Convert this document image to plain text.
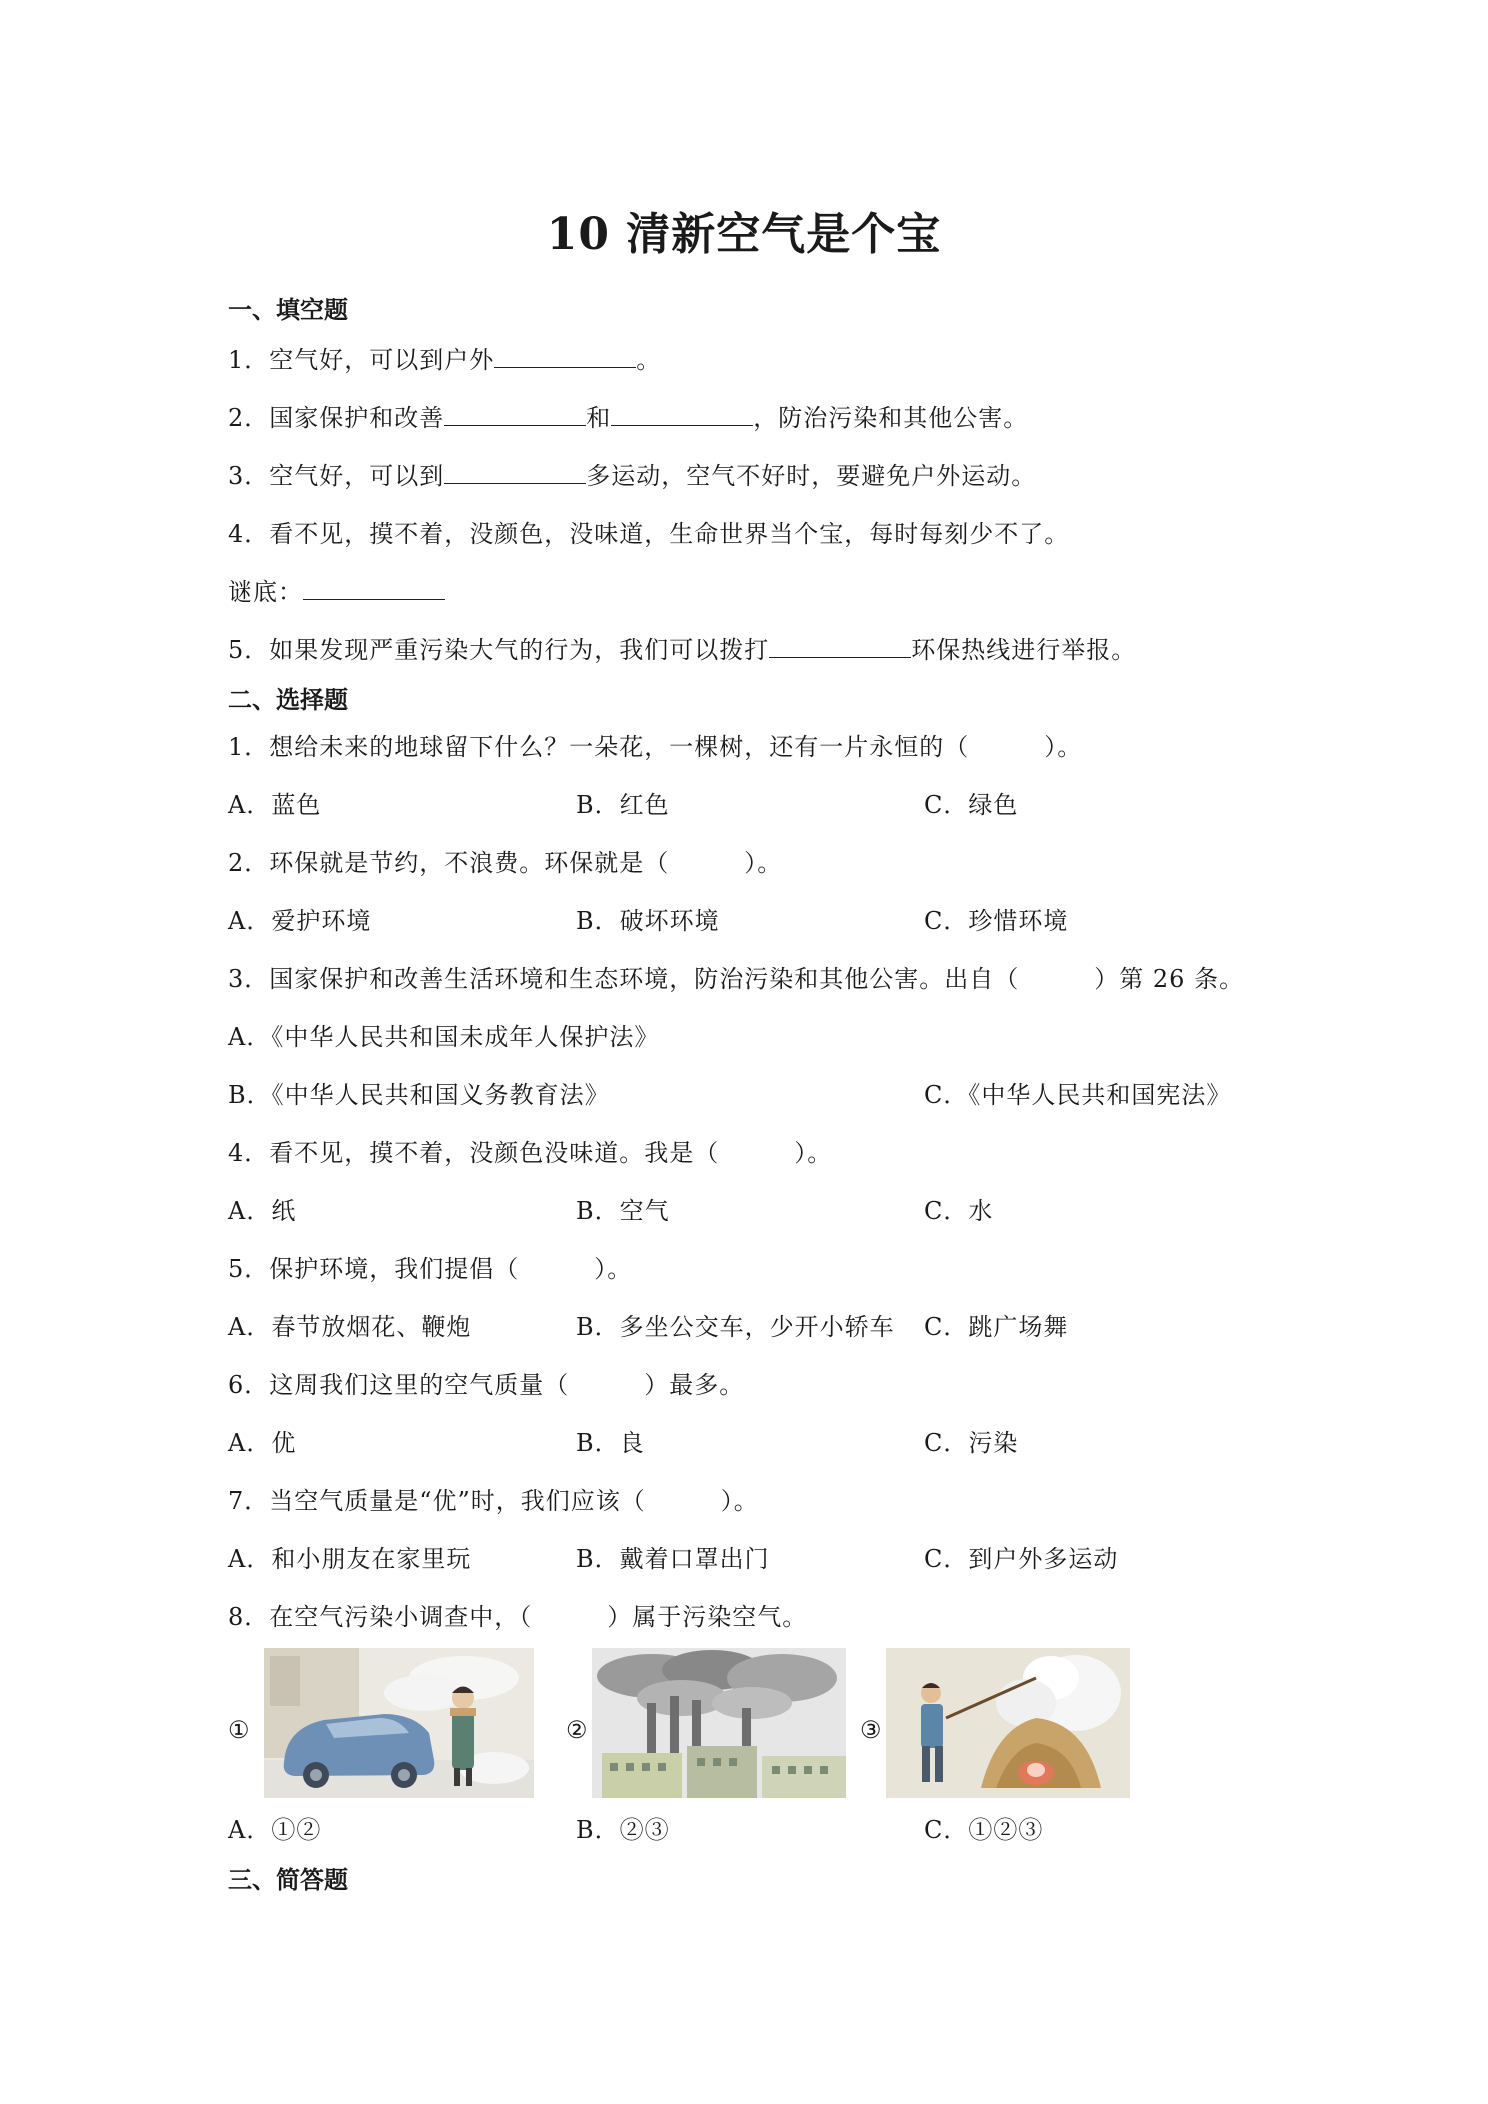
10 清新空气是个宝
一、填空题
1．空气好，可以到户外	。
2．国家保护和改善	和	，防治污染和其他公害。
3．空气好，可以到	多运动，空气不好时，要避免户外运动。
4．看不见，摸不着，没颜色，没味道，生命世界当个宝，每时每刻少不了。
谜底：
5．如果发现严重污染大气的行为，我们可以拨打	环保热线进行举报。
二、选择题
1．想给未来的地球留下什么？一朵花，一棵树，还有一片永恒的（　　　）。
A．蓝色	B．红色	C．绿色
2．环保就是节约，不浪费。环保就是（　　　）。
A．爱护环境	B．破坏环境	C．珍惜环境
3．国家保护和改善生活环境和生态环境，防治污染和其他公害。出自（　　　）第 26 条。
A．《中华人民共和国未成年人保护法》
B．《中华人民共和国义务教育法》	C．《中华人民共和国宪法》
4．看不见，摸不着，没颜色没味道。我是（　　　）。
A．纸	B．空气	C．水
5．保护环境，我们提倡（　　　）。
A．春节放烟花、鞭炮	B．多坐公交车，少开小轿车 C．跳广场舞
6．这周我们这里的空气质量（　　　）最多。
A．优	B．良	C．污染
7．当空气质量是“优”时，我们应该（　　　）。
A．和小朋友在家里玩	B．戴着口罩出门	C．到户外多运动
8．在空气污染小调查中，（　　　）属于污染空气。
①	②	③
A．①②	B．②③	C．①②③
三、简答题
